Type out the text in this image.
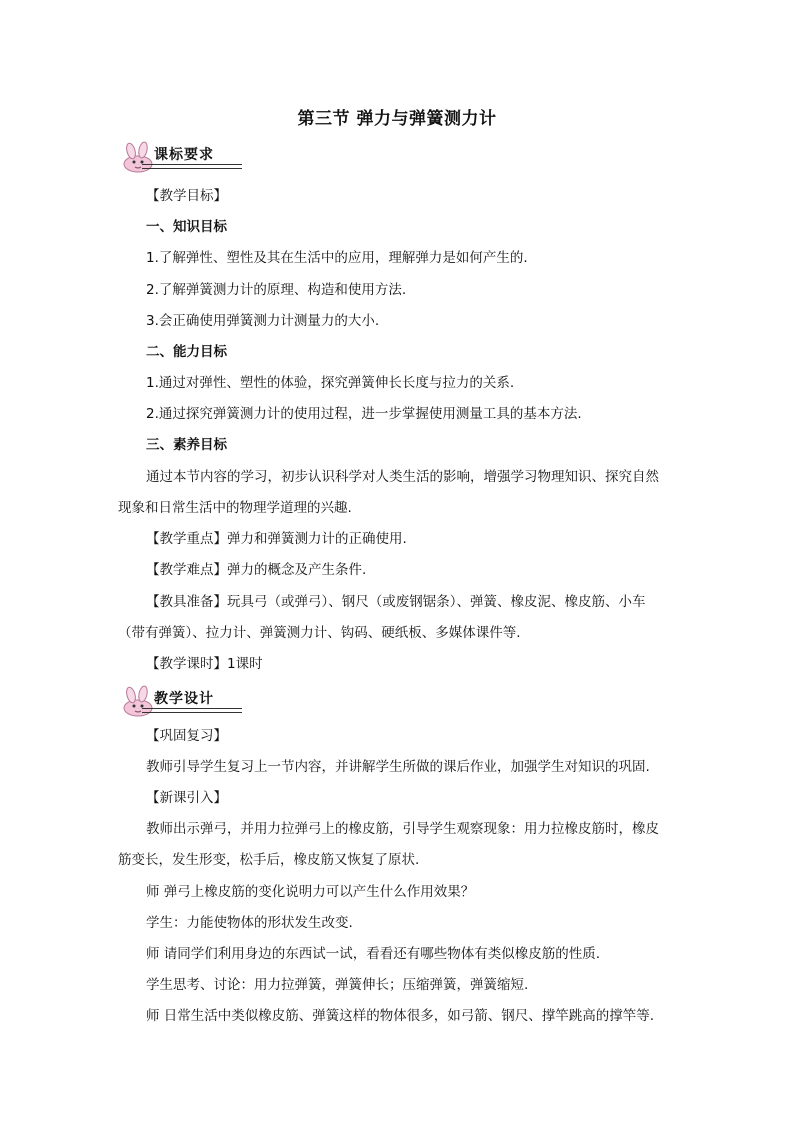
第三节 弹力与弹簧测力计
课标要求
【教学目标】
一、知识目标
1.了解弹性、塑性及其在生活中的应用，理解弹力是如何产生的.
2.了解弹簧测力计的原理、构造和使用方法.
3.会正确使用弹簧测力计测量力的大小.
二、能力目标
1.通过对弹性、塑性的体验，探究弹簧伸长长度与拉力的关系.
2.通过探究弹簧测力计的使用过程，进一步掌握使用测量工具的基本方法.
三、素养目标
通过本节内容的学习，初步认识科学对人类生活的影响，增强学习物理知识、探究自然
现象和日常生活中的物理学道理的兴趣.
【教学重点】弹力和弹簧测力计的正确使用.
【教学难点】弹力的概念及产生条件.
【教具准备】玩具弓（或弹弓）、钢尺（或废钢锯条）、弹簧、橡皮泥、橡皮筋、小车
（带有弹簧）、拉力计、弹簧测力计、钩码、硬纸板、多媒体课件等.
【教学课时】1课时
教学设计
【巩固复习】
教师引导学生复习上一节内容，并讲解学生所做的课后作业，加强学生对知识的巩固.
【新课引入】
教师出示弹弓，并用力拉弹弓上的橡皮筋，引导学生观察现象：用力拉橡皮筋时，橡皮
筋变长，发生形变，松手后，橡皮筋又恢复了原状.
师 弹弓上橡皮筋的变化说明力可以产生什么作用效果？
学生：力能使物体的形状发生改变.
师 请同学们利用身边的东西试一试，看看还有哪些物体有类似橡皮筋的性质.
学生思考、讨论：用力拉弹簧，弹簧伸长；压缩弹簧，弹簧缩短.
师 日常生活中类似橡皮筋、弹簧这样的物体很多，如弓箭、钢尺、撑竿跳高的撑竿等.
